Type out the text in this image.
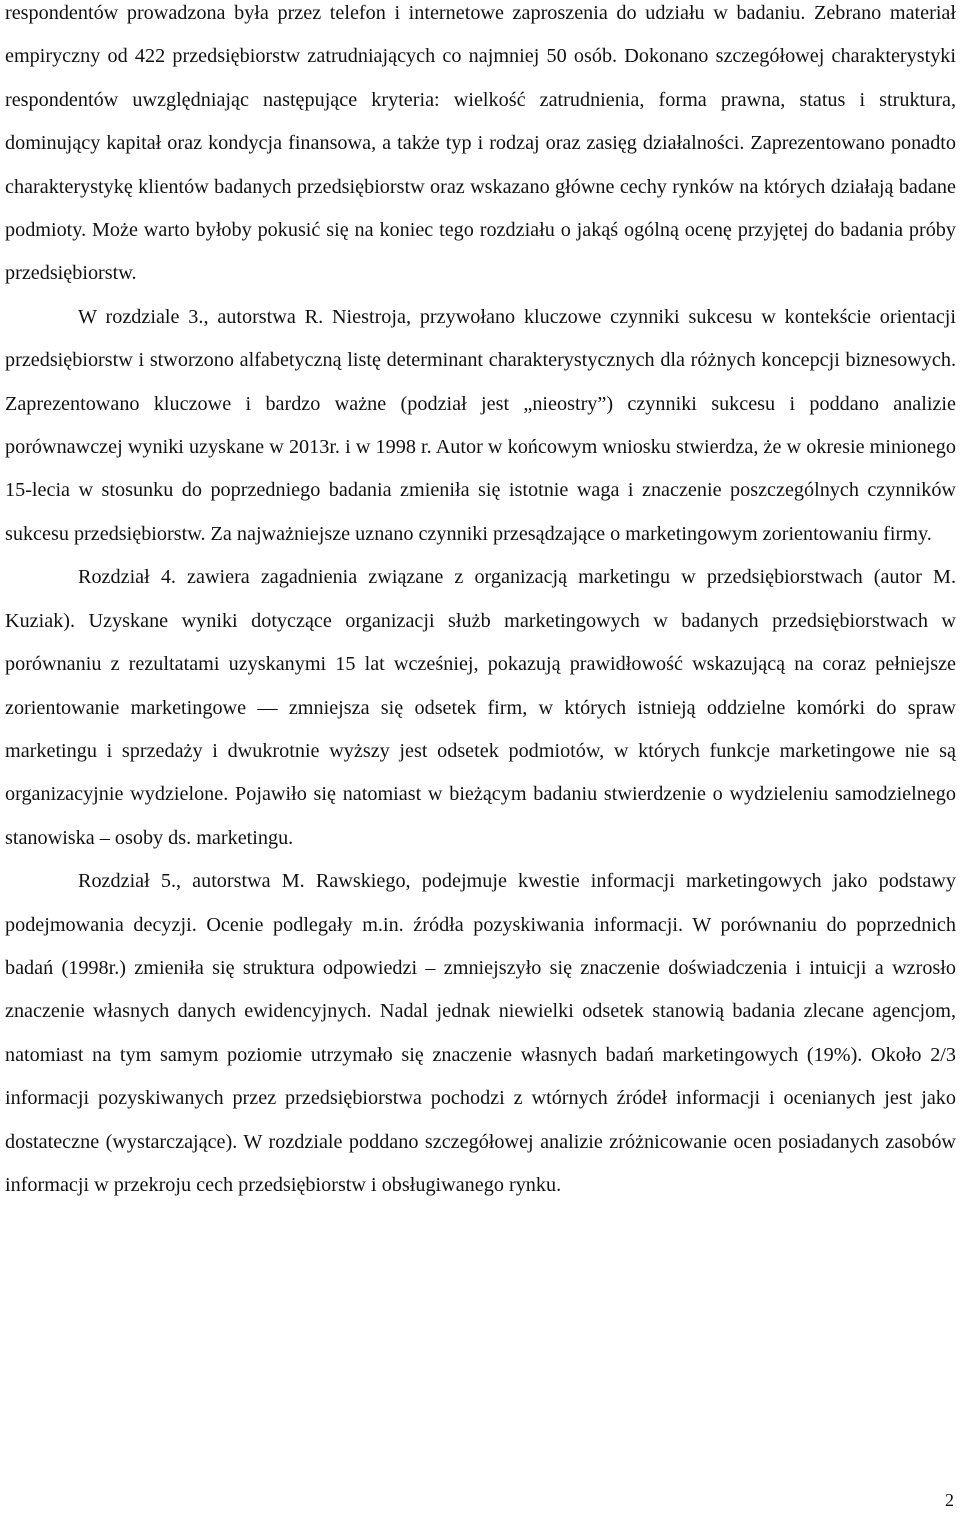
respondentów prowadzona była przez telefon i internetowe zaproszenia do udziału w badaniu. Zebrano materiał empiryczny od 422 przedsiębiorstw zatrudniających co najmniej 50 osób. Dokonano szczegółowej charakterystyki respondentów uwzględniając następujące kryteria: wielkość zatrudnienia, forma prawna, status i struktura, dominujący kapitał oraz kondycja finansowa, a także typ i rodzaj oraz zasięg działalności. Zaprezentowano ponadto charakterystykę klientów badanych przedsiębiorstw oraz wskazano główne cechy rynków na których działają badane podmioty. Może warto byłoby pokusić się na koniec tego rozdziału o jakąś ogólną ocenę przyjętej do badania próby przedsiębiorstw.

W rozdziale 3., autorstwa R. Niestroja, przywołano kluczowe czynniki sukcesu w kontekście orientacji przedsiębiorstw i stworzono alfabetyczną listę determinant charakterystycznych dla różnych koncepcji biznesowych. Zaprezentowano kluczowe i bardzo ważne (podział jest „nieostry”) czynniki sukcesu i poddano analizie porównawczej wyniki uzyskane w 2013r. i w 1998 r. Autor w końcowym wniosku stwierdza, że w okresie minionego 15-lecia w stosunku do poprzedniego badania zmieniła się istotnie waga i znaczenie poszczególnych czynników sukcesu przedsiębiorstw. Za najważniejsze uznano czynniki przesądzające o marketingowym zorientowaniu firmy.

Rozdział 4. zawiera zagadnienia związane z organizacją marketingu w przedsiębiorstwach (autor M. Kuziak). Uzyskane wyniki dotyczące organizacji służb marketingowych w badanych przedsiębiorstwach w porównaniu z rezultatami uzyskanymi 15 lat wcześniej, pokazują prawidłowość wskazującą na coraz pełniejsze zorientowanie marketingowe — zmniejsza się odsetek firm, w których istnieją oddzielne komórki do spraw marketingu i sprzedaży i dwukrotnie wyższy jest odsetek podmiotów, w których funkcje marketingowe nie są organizacyjnie wydzielone. Pojawiło się natomiast w bieżącym badaniu stwierdzenie o wydzieleniu samodzielnego stanowiska – osoby ds. marketingu.

Rozdział 5., autorstwa M. Rawskiego, podejmuje kwestie informacji marketingowych jako podstawy podejmowania decyzji. Ocenie podlegały m.in. źródła pozyskiwania informacji. W porównaniu do poprzednich badań (1998r.) zmieniła się struktura odpowiedzi – zmniejszyło się znaczenie doświadczenia i intuicji a wzrosło znaczenie własnych danych ewidencyjnych. Nadal jednak niewielki odsetek stanowią badania zlecane agencjom, natomiast na tym samym poziomie utrzymało się znaczenie własnych badań marketingowych (19%). Około 2/3 informacji pozyskiwanych przez przedsiębiorstwa pochodzi z wtórnych źródeł informacji i ocenianych jest jako dostateczne (wystarczające). W rozdziale poddano szczegółowej analizie zróżnicowanie ocen posiadanych zasobów informacji w przekroju cech przedsiębiorstw i obsługiwanego rynku.

2
